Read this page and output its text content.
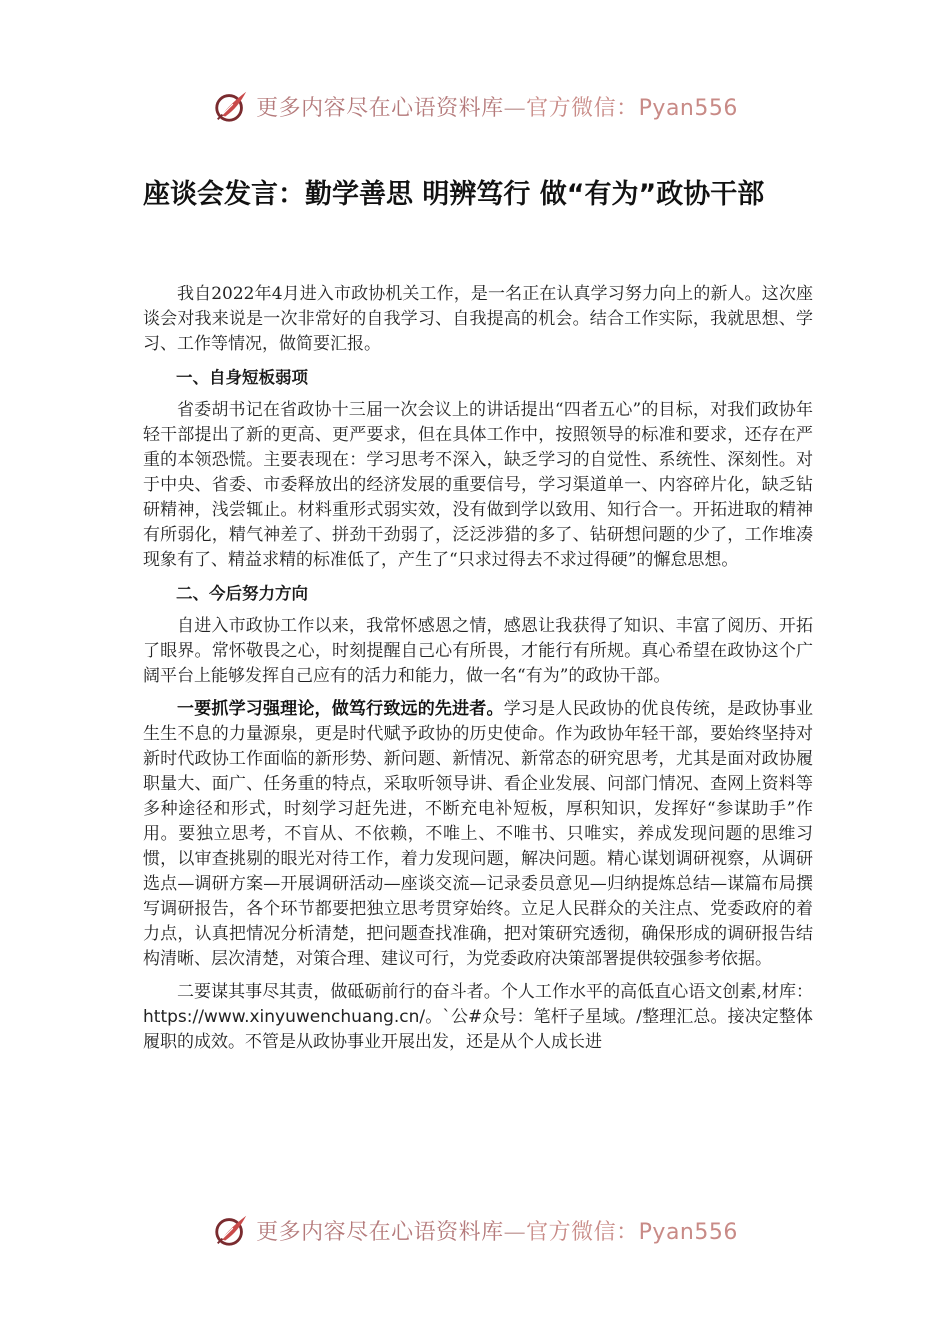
更多内容尽在心语资料库—官方微信：Pyan556
座谈会发言：勤学善思 明辨笃行 做“有为”政协干部

我自2022年4月进入市政协机关工作，是一名正在认真学习努力向上的新人。这次座谈会对我来说是一次非常好的自我学习、自我提高的机会。结合工作实际，我就思想、学习、工作等情况，做简要汇报。

一、自身短板弱项

省委胡书记在省政协十三届一次会议上的讲话提出“四者五心”的目标，对我们政协年轻干部提出了新的更高、更严要求，但在具体工作中，按照领导的标准和要求，还存在严重的本领恐慌。主要表现在：学习思考不深入，缺乏学习的自觉性、系统性、深刻性。对于中央、省委、市委释放出的经济发展的重要信号，学习渠道单一、内容碎片化，缺乏钻研精神，浅尝辄止。材料重形式弱实效，没有做到学以致用、知行合一。开拓进取的精神有所弱化，精气神差了、拼劲干劲弱了，泛泛涉猎的多了、钻研想问题的少了，工作堆凑现象有了、精益求精的标准低了，产生了“只求过得去不求过得硬”的懈怠思想。

二、今后努力方向

自进入市政协工作以来，我常怀感恩之情，感恩让我获得了知识、丰富了阅历、开拓了眼界。常怀敬畏之心，时刻提醒自己心有所畏，才能行有所规。真心希望在政协这个广阔平台上能够发挥自己应有的活力和能力，做一名“有为”的政协干部。

一要抓学习强理论，做笃行致远的先进者。学习是人民政协的优良传统，是政协事业生生不息的力量源泉，更是时代赋予政协的历史使命。作为政协年轻干部，要始终坚持对新时代政协工作面临的新形势、新问题、新情况、新常态的研究思考，尤其是面对政协履职量大、面广、任务重的特点，采取听领导讲、看企业发展、问部门情况、查网上资料等多种途径和形式，时刻学习赶先进，不断充电补短板，厚积知识，发挥好“参谋助手”作用。要独立思考，不盲从、不依赖，不唯上、不唯书、只唯实，养成发现问题的思维习惯，以审查挑剔的眼光对待工作，着力发现问题，解决问题。精心谋划调研视察，从调研选点—调研方案—开展调研活动—座谈交流—记录委员意见—归纳提炼总结—谋篇布局撰写调研报告，各个环节都要把独立思考贯穿始终。立足人民群众的关注点、党委政府的着力点，认真把情况分析清楚，把问题查找准确，把对策研究透彻，确保形成的调研报告结构清晰、层次清楚，对策合理、建议可行，为党委政府决策部署提供较强参考依据。

二要谋其事尽其责，做砥砺前行的奋斗者。个人工作水平的高低直心语文创素,材库：https://www.xinyuwenchuang.cn/。`公#众号：笔杆子星域。/整理汇总。接决定整体履职的成效。不管是从政协事业开展出发，还是从个人成长进

更多内容尽在心语资料库—官方微信：Pyan556
